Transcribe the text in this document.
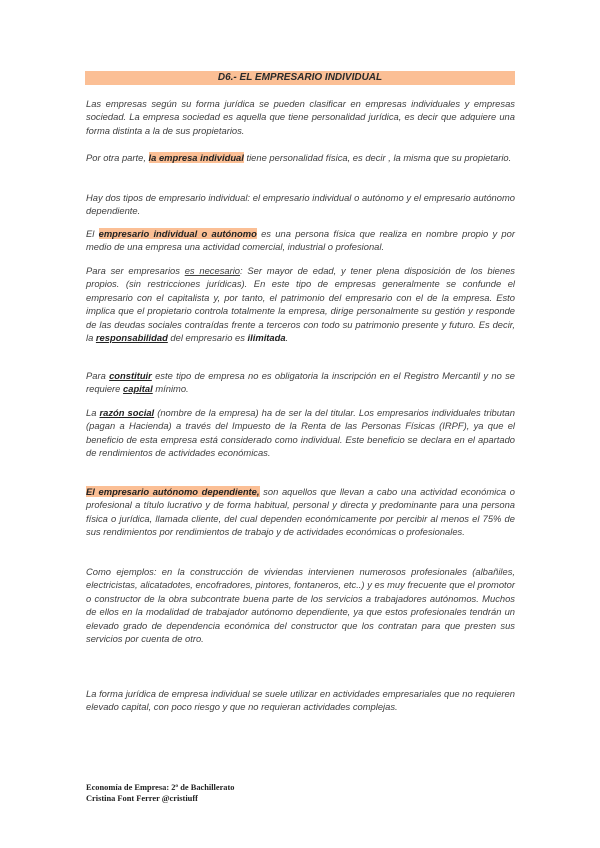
D6.- EL EMPRESARIO INDIVIDUAL

Las empresas según su forma jurídica se pueden clasificar en empresas individuales y empresas sociedad. La empresa sociedad es aquella que tiene personalidad jurídica, es decir que adquiere una forma distinta a la de sus propietarios.

Por otra parte, la empresa individual tiene personalidad física, es decir , la misma que su propietario.

Hay dos tipos de empresario individual: el empresario individual o autónomo y el empresario autónomo dependiente.

El empresario individual o autónomo es una persona física que realiza en nombre propio y por medio de una empresa una actividad comercial, industrial o profesional.

Para ser empresarios es necesario: Ser mayor de edad, y tener plena disposición de los bienes propios. (sin restricciones jurídicas). En este tipo de empresas generalmente se confunde el empresario con el capitalista y, por tanto, el patrimonio del empresario con el de la empresa. Esto implica que el propietario controla totalmente la empresa, dirige personalmente su gestión y responde de las deudas sociales contraídas frente a terceros con todo su patrimonio presente y futuro. Es decir, la responsabilidad del empresario es ilimitada.

Para constituir este tipo de empresa no es obligatoria la inscripción en el Registro Mercantil y no se requiere capital mínimo.

La razón social (nombre de la empresa) ha de ser la del titular. Los empresarios individuales tributan (pagan a Hacienda) a través del Impuesto de la Renta de las Personas Físicas (IRPF), ya que el beneficio de esta empresa está considerado como individual. Este beneficio se declara en el apartado de rendimientos de actividades económicas.

El empresario autónomo dependiente, son aquellos que llevan a cabo una actividad económica o profesional a título lucrativo y de forma habitual, personal y directa y predominante para una persona física o jurídica, llamada cliente, del cual dependen económicamente por percibir al menos el 75% de sus rendimientos por rendimientos de trabajo y de actividades económicas o profesionales.

Como ejemplos: en la construcción de viviendas intervienen numerosos profesionales (albañiles, electricistas, alicatadotes, encofradores, pintores, fontaneros, etc..) y es muy frecuente que el promotor o constructor de la obra subcontrate buena parte de los servicios a trabajadores autónomos. Muchos de ellos en la modalidad de trabajador autónomo dependiente, ya que estos profesionales tendrán un elevado grado de dependencia económica del constructor que los contratan para que presten sus servicios por cuenta de otro.

La forma jurídica de empresa individual se suele utilizar en actividades empresariales que no requieren elevado capital, con poco riesgo y que no requieran actividades complejas.

Economía de Empresa: 2º de Bachillerato
Cristina Font Ferrer @cristiuff
